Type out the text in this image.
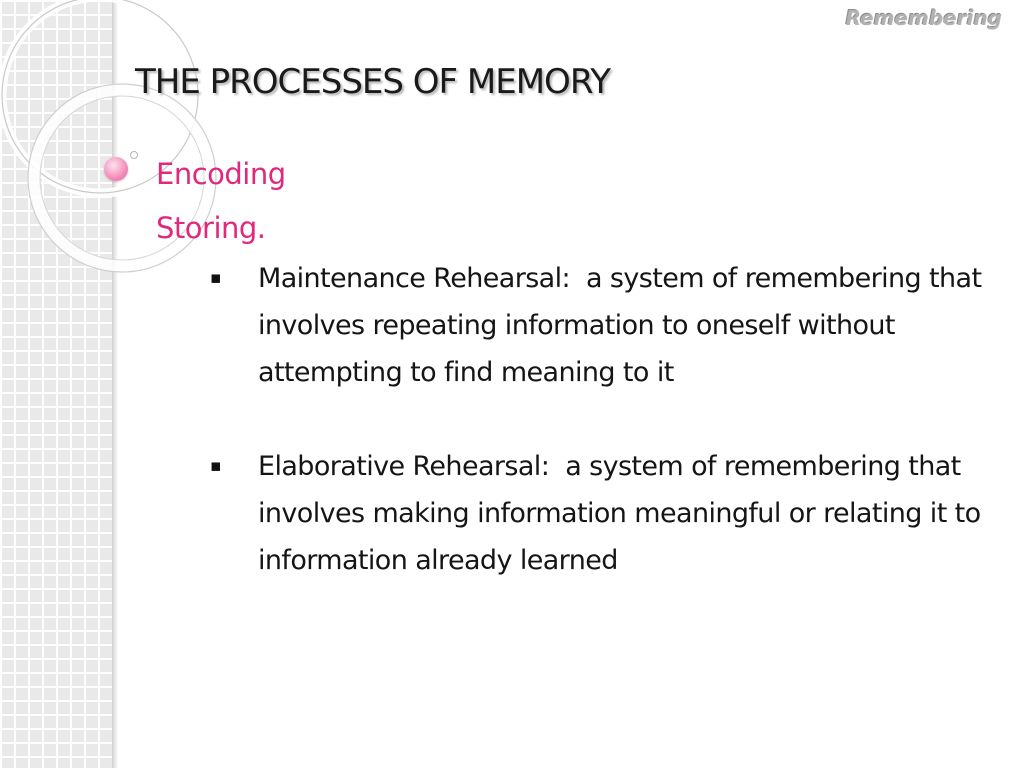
Remembering
THE PROCESSES OF MEMORY
Encoding
Storing.
▪ Maintenance Rehearsal: a system of remembering that involves repeating information to oneself without attempting to find meaning to it
▪ Elaborative Rehearsal: a system of remembering that involves making information meaningful or relating it to information already learned
